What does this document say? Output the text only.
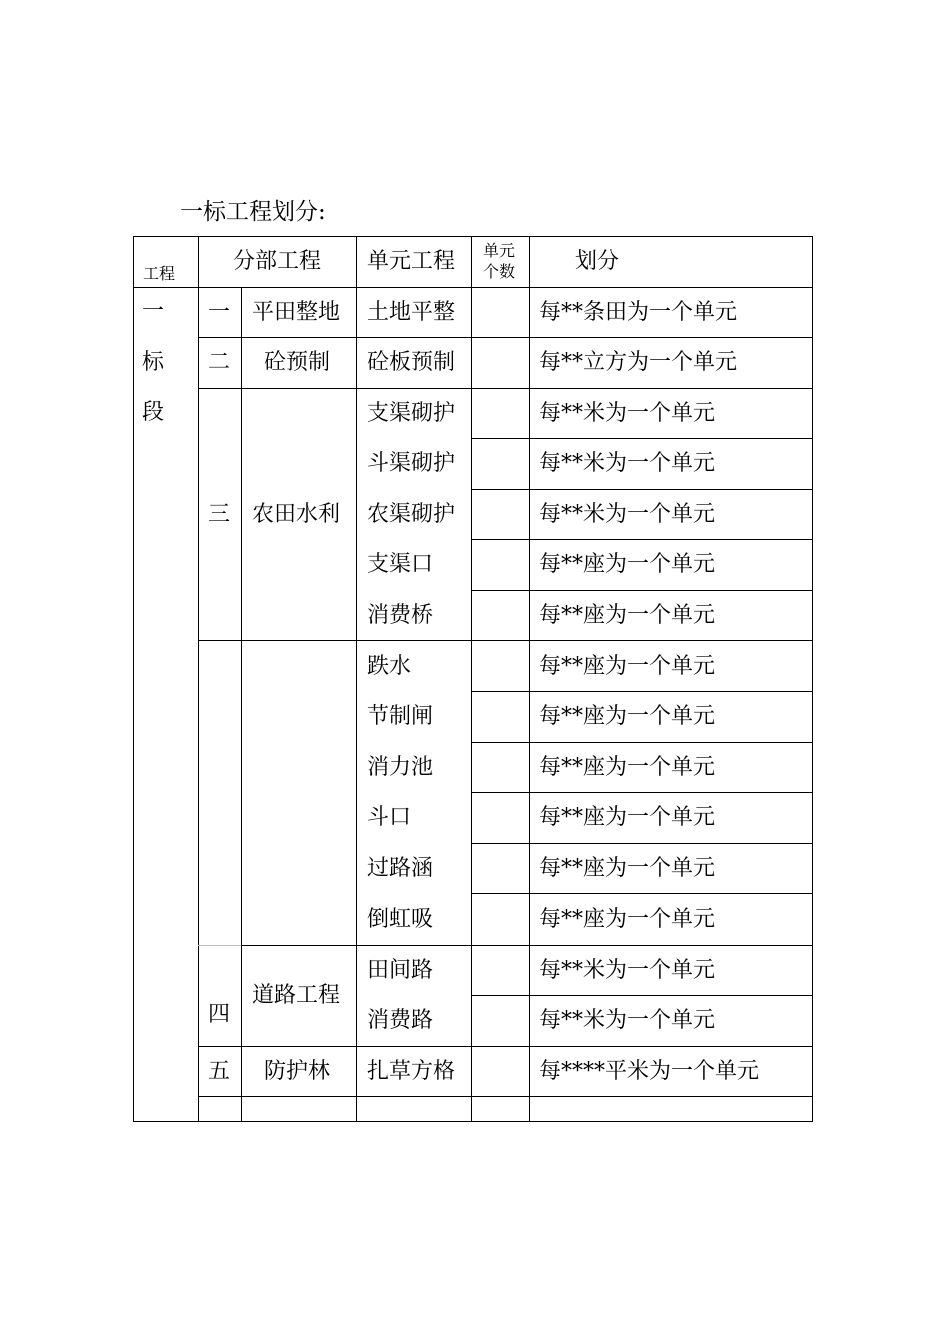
一标工程划分:
工程	分部工程 单元工程 单元
个数	划分
一
标
段
一
二
三
四
五
平田整地
砼预制
农田水利
道路工程
防护林
土地平整
砼板预制
支渠砌护
斗渠砌护
农渠砌护
支渠口
消费桥
跌水
节制闸
消力池
斗口
过路涵
倒虹吸
田间路
消费路
扎草方格
每**条田为一个单元
每**立方为一个单元
每**米为一个单元
每**米为一个单元
每**米为一个单元
每**座为一个单元
每**座为一个单元
每**座为一个单元
每**座为一个单元
每**座为一个单元
每**座为一个单元
每**座为一个单元
每**座为一个单元
每**米为一个单元
每**米为一个单元
每****平米为一个单元
